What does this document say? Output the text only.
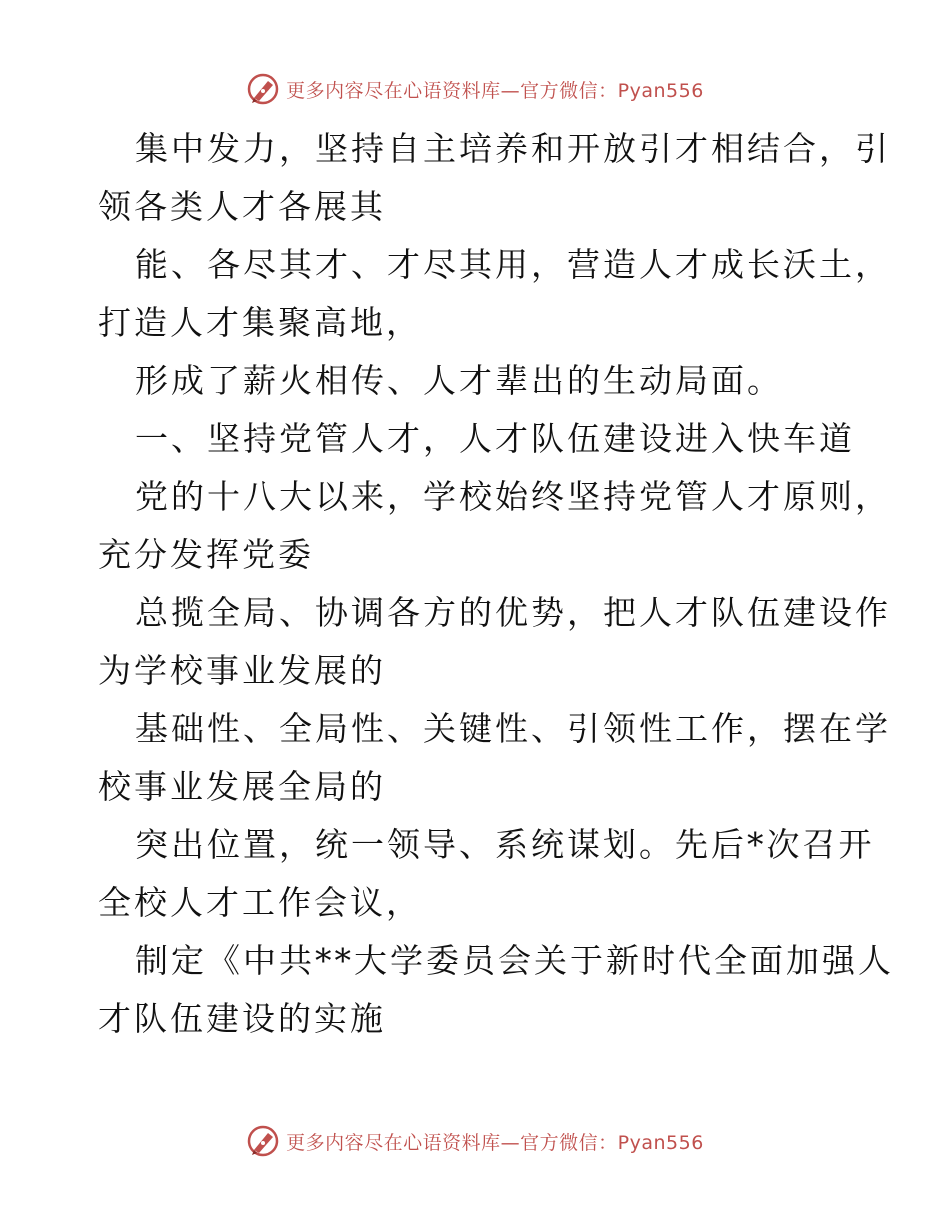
更多内容尽在心语资料库—官方微信：Pyan556
集中发力，坚持自主培养和开放引才相结合，引
领各类人才各展其
能、各尽其才、才尽其用，营造人才成长沃土，
打造人才集聚高地，
形成了薪火相传、人才辈出的生动局面。
一、坚持党管人才，人才队伍建设进入快车道
党的十八大以来，学校始终坚持党管人才原则，
充分发挥党委
总揽全局、协调各方的优势，把人才队伍建设作
为学校事业发展的
基础性、全局性、关键性、引领性工作，摆在学
校事业发展全局的
突出位置，统一领导、系统谋划。先后*次召开
全校人才工作会议，
制定《中共**大学委员会关于新时代全面加强人
才队伍建设的实施
更多内容尽在心语资料库—官方微信：Pyan556
